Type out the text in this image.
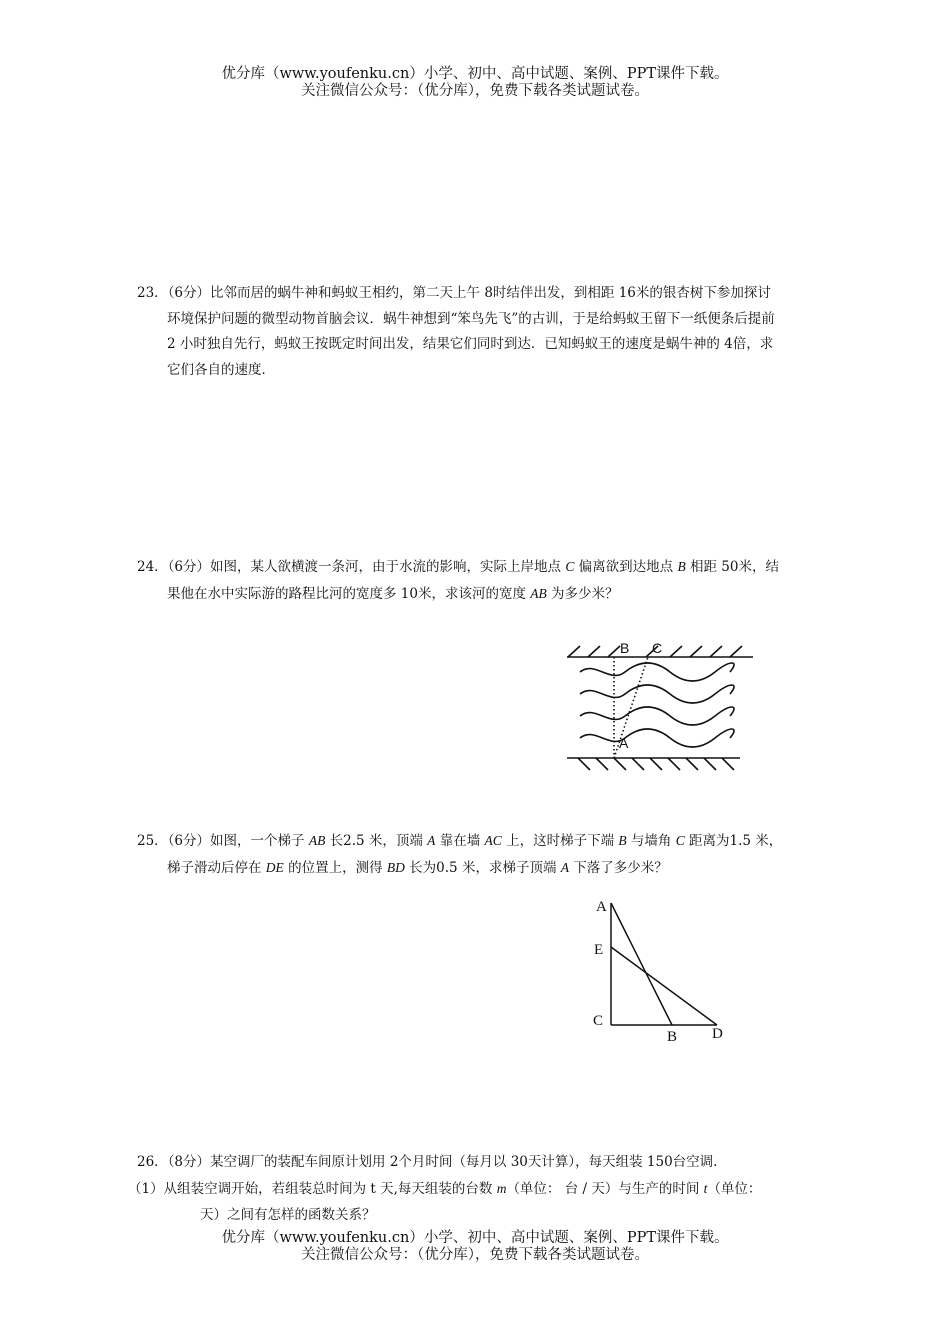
优分库（www.youfenku.cn）小学、初中、高中试题、案例、PPT课件下载。
关注微信公众号：（优分库），免费下载各类试题试卷。
23．（6分）比邻而居的蜗牛神和蚂蚁王相约，第二天上午 8时结伴出发，到相距 16米的银杏树下参加探讨
环境保护问题的微型动物首脑会议．蜗牛神想到“笨鸟先飞”的古训，于是给蚂蚁王留下一纸便条后提前
2 小时独自先行，蚂蚁王按既定时间出发，结果它们同时到达．已知蚂蚁王的速度是蜗牛神的 4倍，求
它们各自的速度．
24．（6分）如图，某人欲横渡一条河，由于水流的影响，实际上岸地点 C 偏离欲到达地点 B 相距 50米，结
果他在水中实际游的路程比河的宽度多 10米，求该河的宽度 AB 为多少米？
B C
A
25．（6分）如图，一个梯子 AB 长2.5 米，顶端 A 靠在墙 AC 上，这时梯子下端 B 与墙角 C 距离为1.5 米，
梯子滑动后停在 DE 的位置上，测得 BD 长为0.5 米，求梯子顶端 A 下落了多少米？
A
E
C
B D
26．（8分）某空调厂的装配车间原计划用 2个月时间（每月以 30天计算），每天组装 150台空调.
（1）从组装空调开始，若组装总时间为 t 天,每天组装的台数 m（单位： 台 / 天）与生产的时间 t（单位：
天）之间有怎样的函数关系？
优分库（www.youfenku.cn）小学、初中、高中试题、案例、PPT课件下载。
关注微信公众号：（优分库），免费下载各类试题试卷。
